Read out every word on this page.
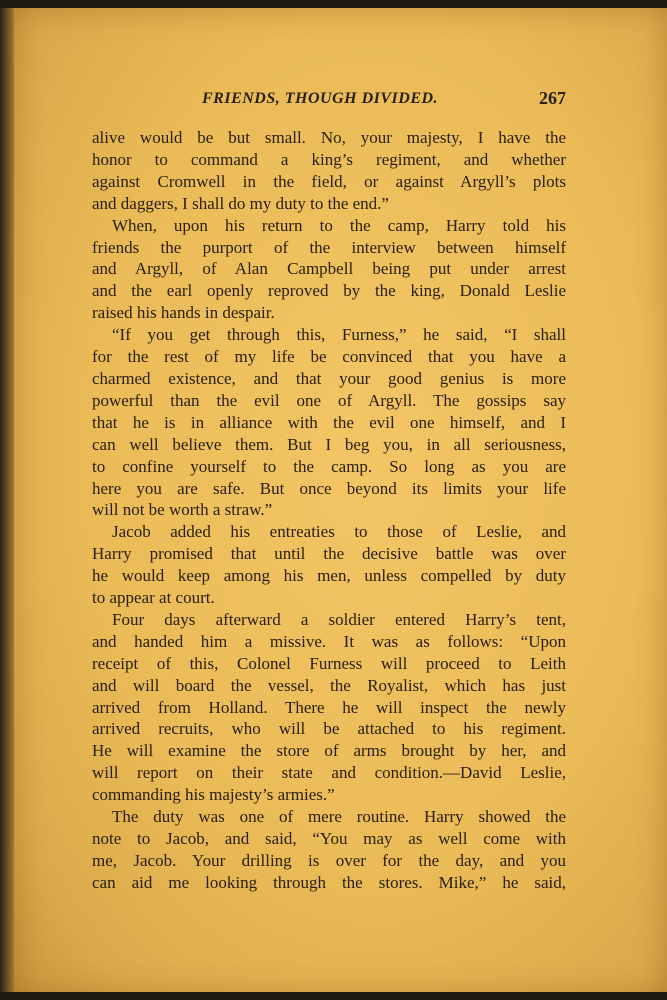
FRIENDS, THOUGH DIVIDED.	267

alive would be but small. No, your majesty, I have the
honor to command a king’s regiment, and whether
against Cromwell in the field, or against Argyll’s plots
and daggers, I shall do my duty to the end.”

When, upon his return to the camp, Harry told his
friends the purport of the interview between himself
and Argyll, of Alan Campbell being put under arrest
and the earl openly reproved by the king, Donald Leslie
raised his hands in despair.

“If you get through this, Furness,” he said, “I shall
for the rest of my life be convinced that you have a
charmed existence, and that your good genius is more
powerful than the evil one of Argyll. The gossips say
that he is in alliance with the evil one himself, and I
can well believe them. But I beg you, in all seriousness,
to confine yourself to the camp. So long as you are
here you are safe. But once beyond its limits your life
will not be worth a straw.”

Jacob added his entreaties to those of Leslie, and
Harry promised that until the decisive battle was over
he would keep among his men, unless compelled by duty
to appear at court.

Four days afterward a soldier entered Harry’s tent,
and handed him a missive. It was as follows: “Upon
receipt of this, Colonel Furness will proceed to Leith
and will board the vessel, the Royalist, which has just
arrived from Holland. There he will inspect the newly
arrived recruits, who will be attached to his regiment.
He will examine the store of arms brought by her, and
will report on their state and condition.—David Leslie,
commanding his majesty’s armies.”

The duty was one of mere routine. Harry showed the
note to Jacob, and said, “You may as well come with
me, Jacob. Your drilling is over for the day, and you
can aid me looking through the stores. Mike,” he said,
